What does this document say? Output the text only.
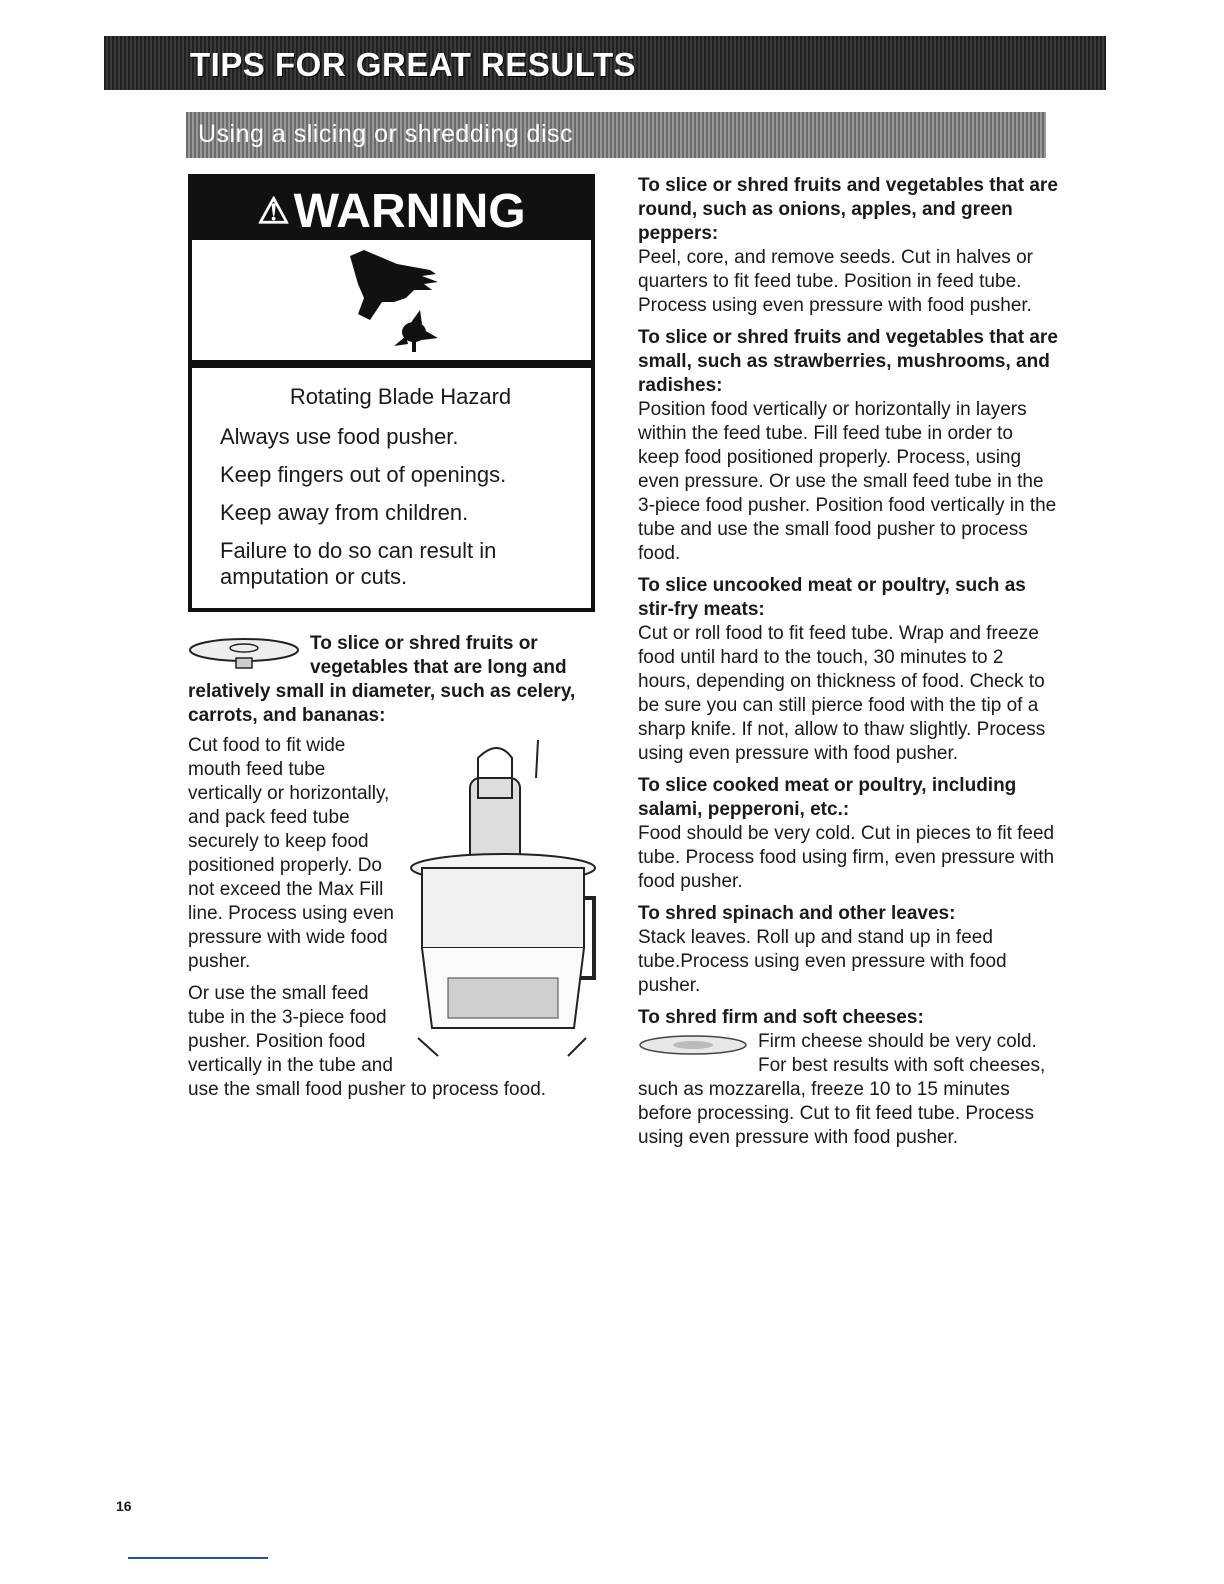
TIPS FOR GREAT RESULTS
Using a slicing or shredding disc
⚠WARNING

Rotating Blade Hazard

Always use food pusher.

Keep fingers out of openings.

Keep away from children.

Failure to do so can result in amputation or cuts.

To slice or shred fruits or vegetables that are long and relatively small in diameter, such as celery, carrots, and bananas:

Cut food to fit wide mouth feed tube vertically or horizontally, and pack feed tube securely to keep food positioned properly. Do not exceed the Max Fill line. Process using even pressure with wide food pusher.

Or use the small feed tube in the 3-piece food pusher. Position food vertically in the tube and use the small food pusher to process food.

To slice or shred fruits and vegetables that are round, such as onions, apples, and green peppers:

Peel, core, and remove seeds. Cut in halves or quarters to fit feed tube. Position in feed tube. Process using even pressure with food pusher.

To slice or shred fruits and vegetables that are small, such as strawberries, mushrooms, and radishes:

Position food vertically or horizontally in layers within the feed tube. Fill feed tube in order to keep food positioned properly. Process, using even pressure. Or use the small feed tube in the 3-piece food pusher. Position food vertically in the tube and use the small food pusher to process food.

To slice uncooked meat or poultry, such as stir-fry meats:

Cut or roll food to fit feed tube. Wrap and freeze food until hard to the touch, 30 minutes to 2 hours, depending on thickness of food. Check to be sure you can still pierce food with the tip of a sharp knife. If not, allow to thaw slightly. Process using even pressure with food pusher.

To slice cooked meat or poultry, including salami, pepperoni, etc.:

Food should be very cold. Cut in pieces to fit feed tube. Process food using firm, even pressure with food pusher.

To shred spinach and other leaves:

Stack leaves. Roll up and stand up in feed tube.Process using even pressure with food pusher.

To shred firm and soft cheeses:

Firm cheese should be very cold. For best results with soft cheeses, such as mozzarella, freeze 10 to 15 minutes before processing. Cut to fit feed tube. Process using even pressure with food pusher.

16
